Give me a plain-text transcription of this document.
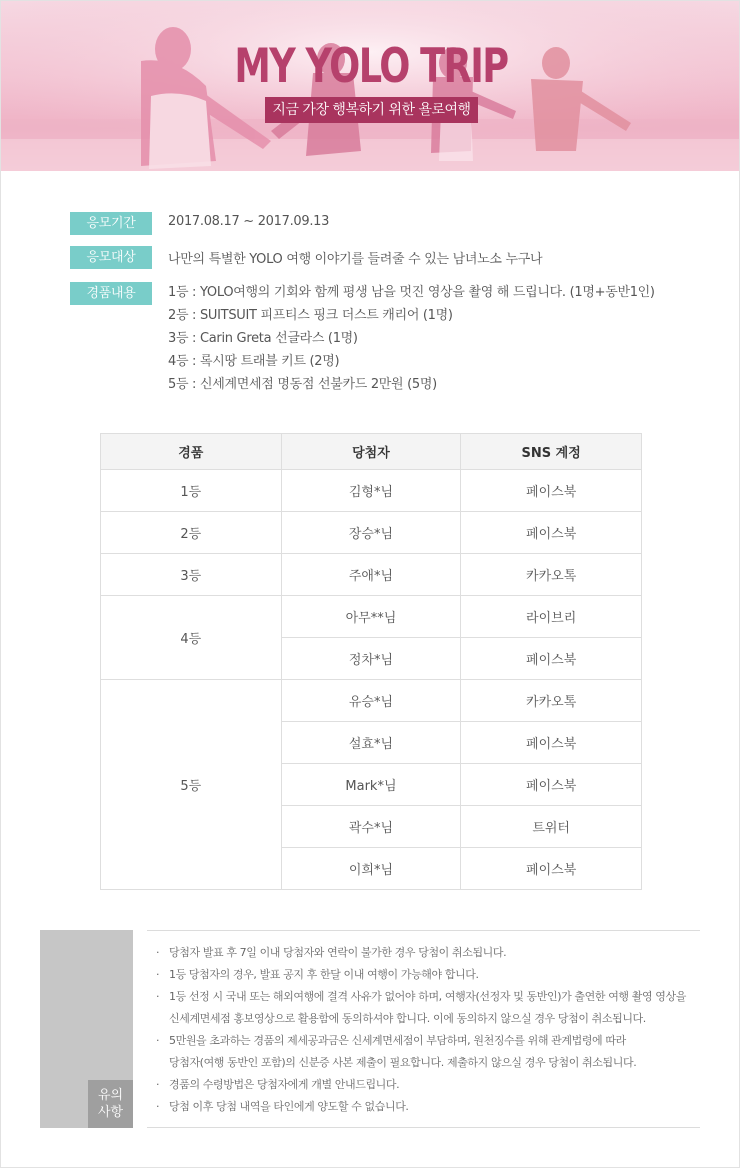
MY YOLO TRIP
지금 가장 행복하기 위한 욜로여행
응모기간	2017.08.17 ~ 2017.09.13
응모대상	나만의 특별한 YOLO 여행 이야기를 들려줄 수 있는 남녀노소 누구나
경품내용	1등 : YOLO여행의 기회와 함께 평생 남을 멋진 영상을 촬영 해 드립니다. (1명+동반1인)
2등 : SUITSUIT 피프티스 핑크 더스트 캐리어 (1명)
3등 : Carin Greta 선글라스 (1명)
4등 : 록시땅 트래블 키트 (2명)
5등 : 신세계면세점 명동점 선불카드 2만원 (5명)
경품	당첨자	SNS 계정
1등	김형*님	페이스북
2등	장승*님	페이스북
3등	주애*님	카카오톡
4등	아무**님	라이브리
	정차*님	페이스북
5등	유승*님	카카오톡
	설효*님	페이스북
	Mark*님	페이스북
	곽수*님	트위터
	이희*님	페이스북
유의
사항
· 당첨자 발표 후 7일 이내 당첨자와 연락이 불가한 경우 당첨이 취소됩니다.
· 1등 당첨자의 경우, 발표 공지 후 한달 이내 여행이 가능해야 합니다.
· 1등 선정 시 국내 또는 해외여행에 결격 사유가 없어야 하며, 여행자(선정자 및 동반인)가 출연한 여행 촬영 영상을
신세계면세점 홍보영상으로 활용함에 동의하셔야 합니다. 이에 동의하지 않으실 경우 당첨이 취소됩니다.
· 5만원을 초과하는 경품의 제세공과금은 신세계면세점이 부담하며, 원천징수를 위해 관계법령에 따라
당첨자(여행 동반인 포함)의 신분증 사본 제출이 필요합니다. 제출하지 않으실 경우 당첨이 취소됩니다.
· 경품의 수령방법은 당첨자에게 개별 안내드립니다.
· 당첨 이후 당첨 내역을 타인에게 양도할 수 없습니다.
